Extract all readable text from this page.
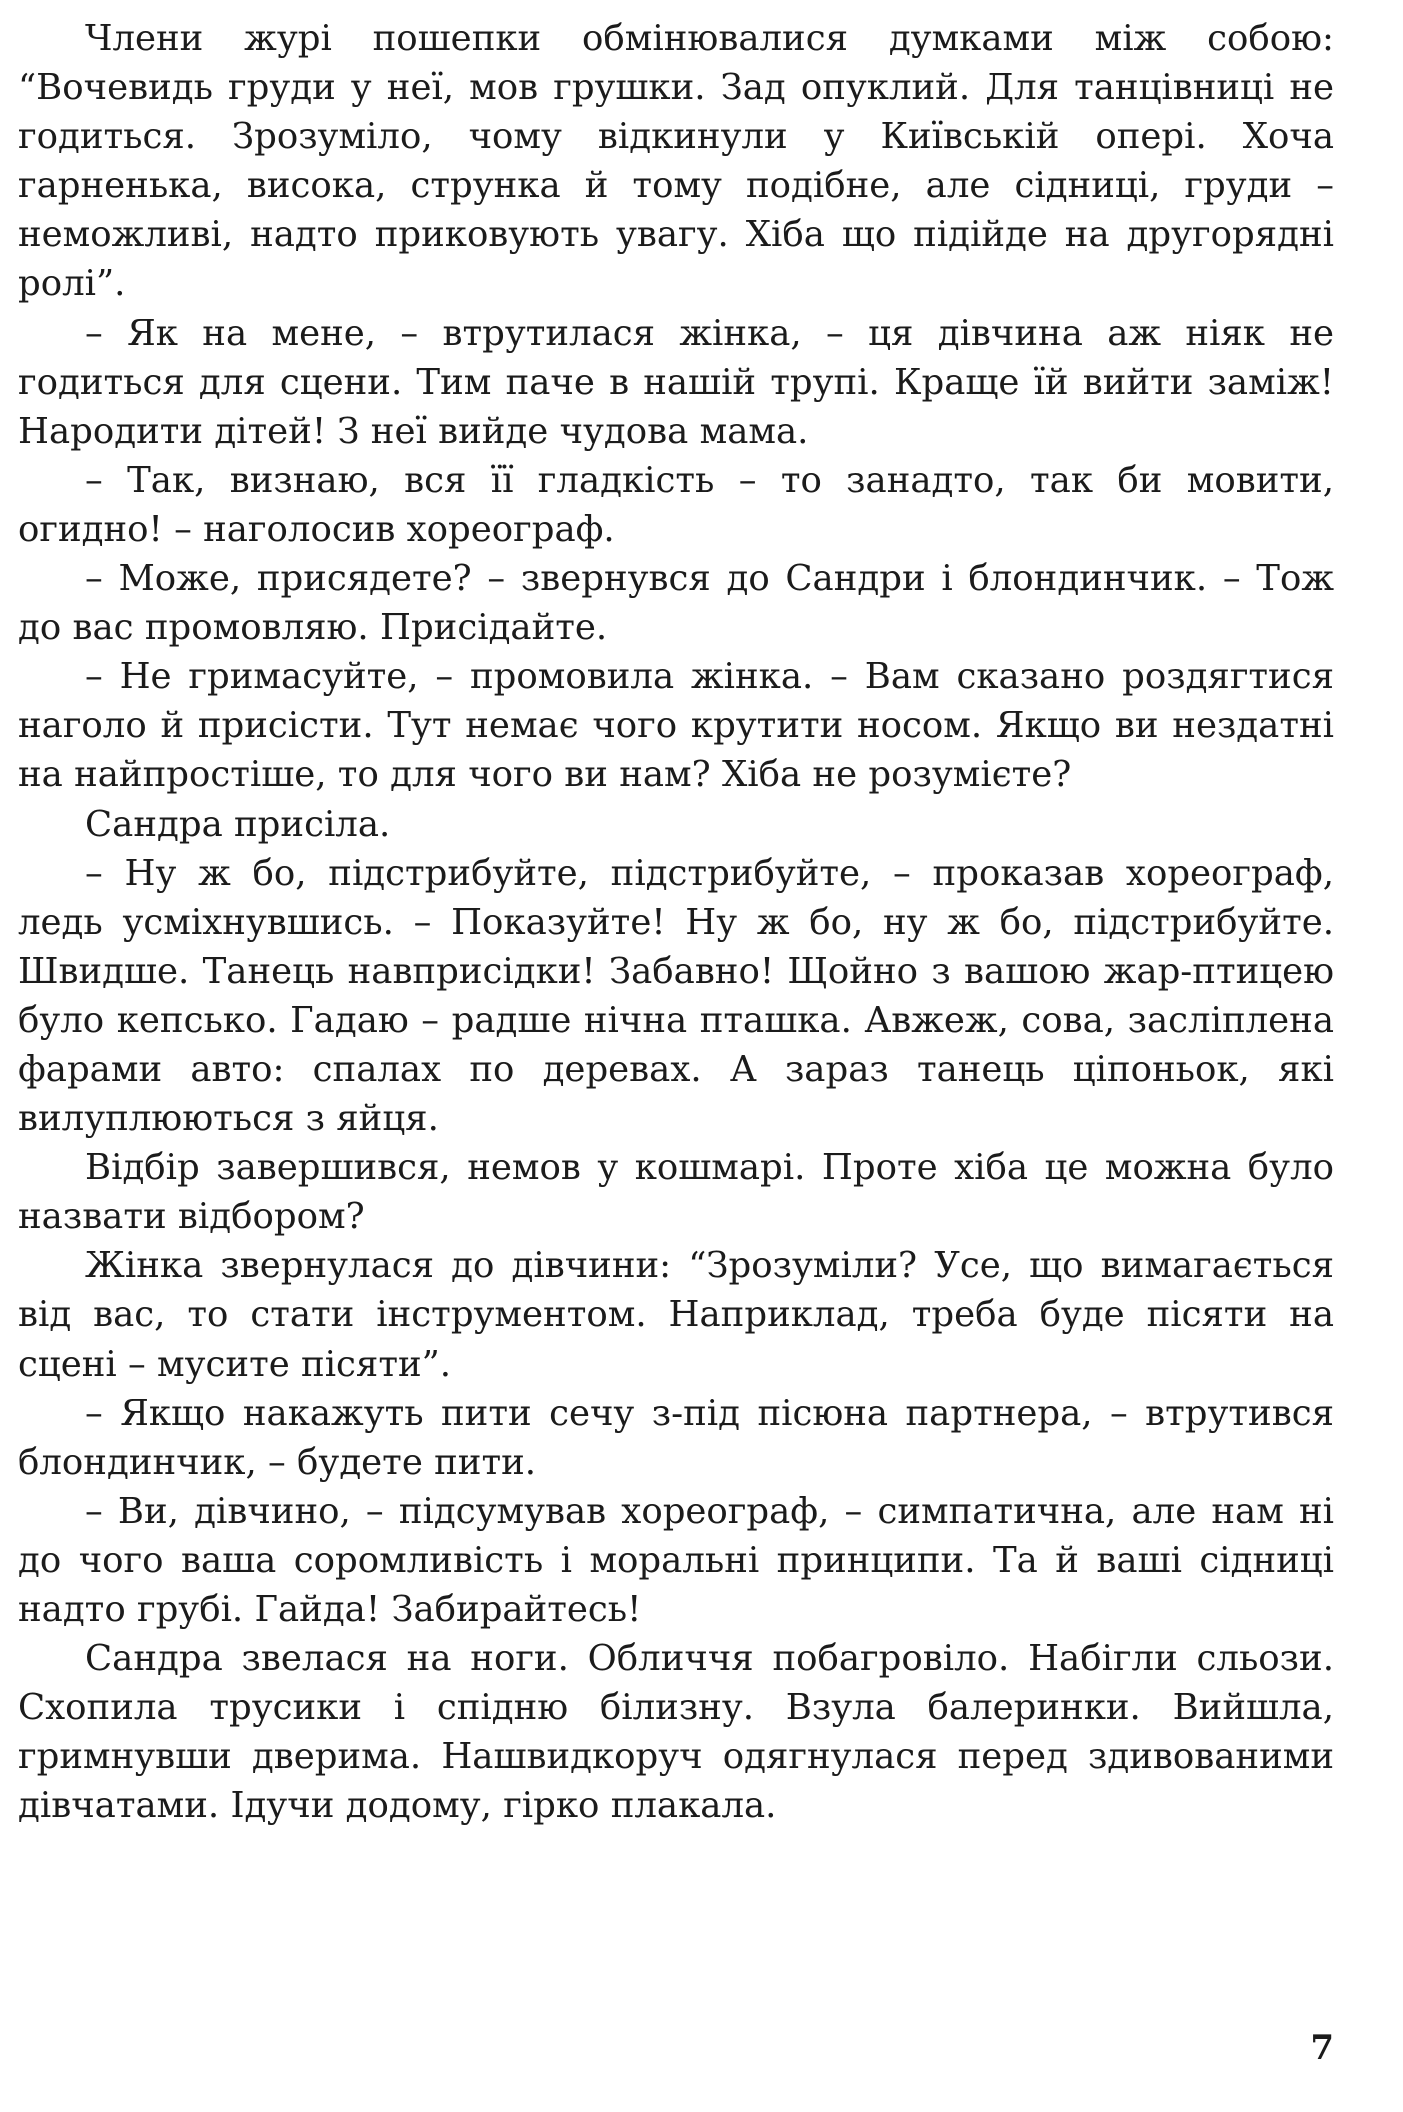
Члени журі пошепки обмінювалися думками між собою: “Вочевидь груди у неї, мов грушки. Зад опуклий. Для танцівниці не годиться. Зрозуміло, чому відкинули у Київській опері. Хоча гарненька, висока, струнка й тому подібне, але сідниці, груди – неможливі, надто приковують увагу. Хіба що підійде на другорядні ролі”.

– Як на мене, – втрутилася жінка, – ця дівчина аж ніяк не годиться для сцени. Тим паче в нашій трупі. Краще їй вийти заміж! Народити дітей! З неї вийде чудова мама.

– Так, визнаю, вся її гладкість – то занадто, так би мовити, огидно! – наголосив хореограф.

– Може, присядете? – звернувся до Сандри і блондинчик. – Тож до вас промовляю. Присідайте.

– Не гримасуйте, – промовила жінка. – Вам сказано роздягтися наголо й присісти. Тут немає чого крутити носом. Якщо ви нездатні на найпростіше, то для чого ви нам? Хіба не розумієте?

Сандра присіла.

– Ну ж бо, підстрибуйте, підстрибуйте, – проказав хореограф, ледь усміхнувшись. – Показуйте! Ну ж бо, ну ж бо, підстрибуйте. Швидше. Танець навприсідки! Забавно! Щойно з вашою жар-птицею було кепсько. Гадаю – радше нічна пташка. Авжеж, сова, засліплена фарами авто: спалах по деревах. А зараз танець ціпоньок, які вилуплюються з яйця.

Відбір завершився, немов у кошмарі. Проте хіба це можна було назвати відбором?

Жінка звернулася до дівчини: “Зрозуміли? Усе, що вимагається від вас, то стати інструментом. Наприклад, треба буде пісяти на сцені – мусите пісяти”.

– Якщо накажуть пити сечу з-під пісюна партнера, – втрутився блондинчик, – будете пити.

– Ви, дівчино, – підсумував хореограф, – симпатична, але нам ні до чого ваша соромливість і моральні принципи. Та й ваші сідниці надто грубі. Гайда! Забирайтесь!

Сандра звелася на ноги. Обличчя побагровіло. Набігли сльози. Схопила трусики і спідню білизну. Взула балеринки. Вийшла, гримнувши дверима. Нашвидкоруч одягнулася перед здивованими дівчатами. Ідучи додому, гірко плакала.

7
